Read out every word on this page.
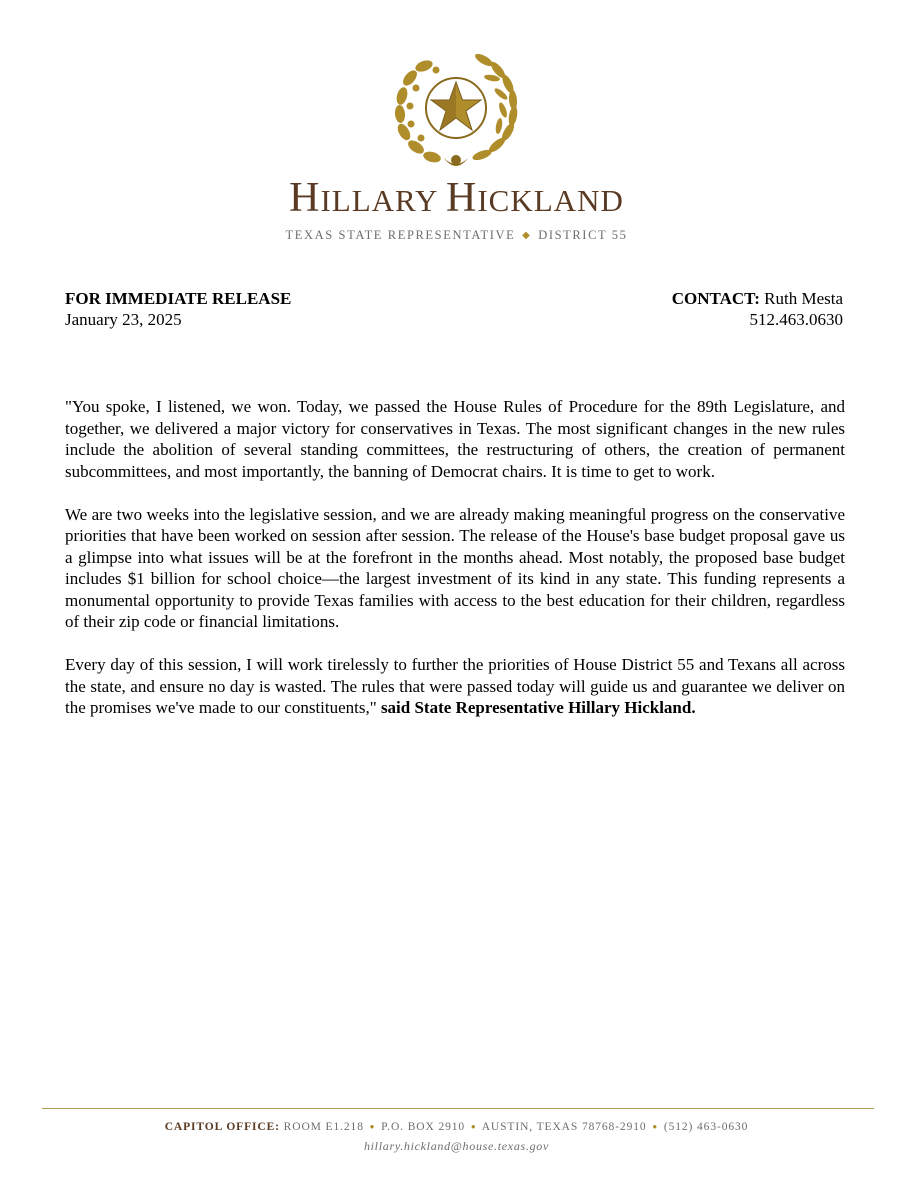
HILLARY HICKLAND
TEXAS STATE REPRESENTATIVE ◆ DISTRICT 55
FOR IMMEDIATE RELEASE
January 23, 2025
CONTACT: Ruth Mesta
512.463.0630

"You spoke, I listened, we won. Today, we passed the House Rules of Procedure for the 89th Legislature, and together, we delivered a major victory for conservatives in Texas. The most significant changes in the new rules include the abolition of several standing committees, the restructuring of others, the creation of permanent subcommittees, and most importantly, the banning of Democrat chairs. It is time to get to work.

We are two weeks into the legislative session, and we are already making meaningful progress on the conservative priorities that have been worked on session after session. The release of the House's base budget proposal gave us a glimpse into what issues will be at the forefront in the months ahead. Most notably, the proposed base budget includes $1 billion for school choice—the largest investment of its kind in any state. This funding represents a monumental opportunity to provide Texas families with access to the best education for their children, regardless of their zip code or financial limitations.

Every day of this session, I will work tirelessly to further the priorities of House District 55 and Texans all across the state, and ensure no day is wasted. The rules that were passed today will guide us and guarantee we deliver on the promises we've made to our constituents," said State Representative Hillary Hickland.

CAPITOL OFFICE: ROOM E1.218 ● P.O. BOX 2910 ● AUSTIN, TEXAS 78768-2910 ● (512) 463-0630
hillary.hickland@house.texas.gov
